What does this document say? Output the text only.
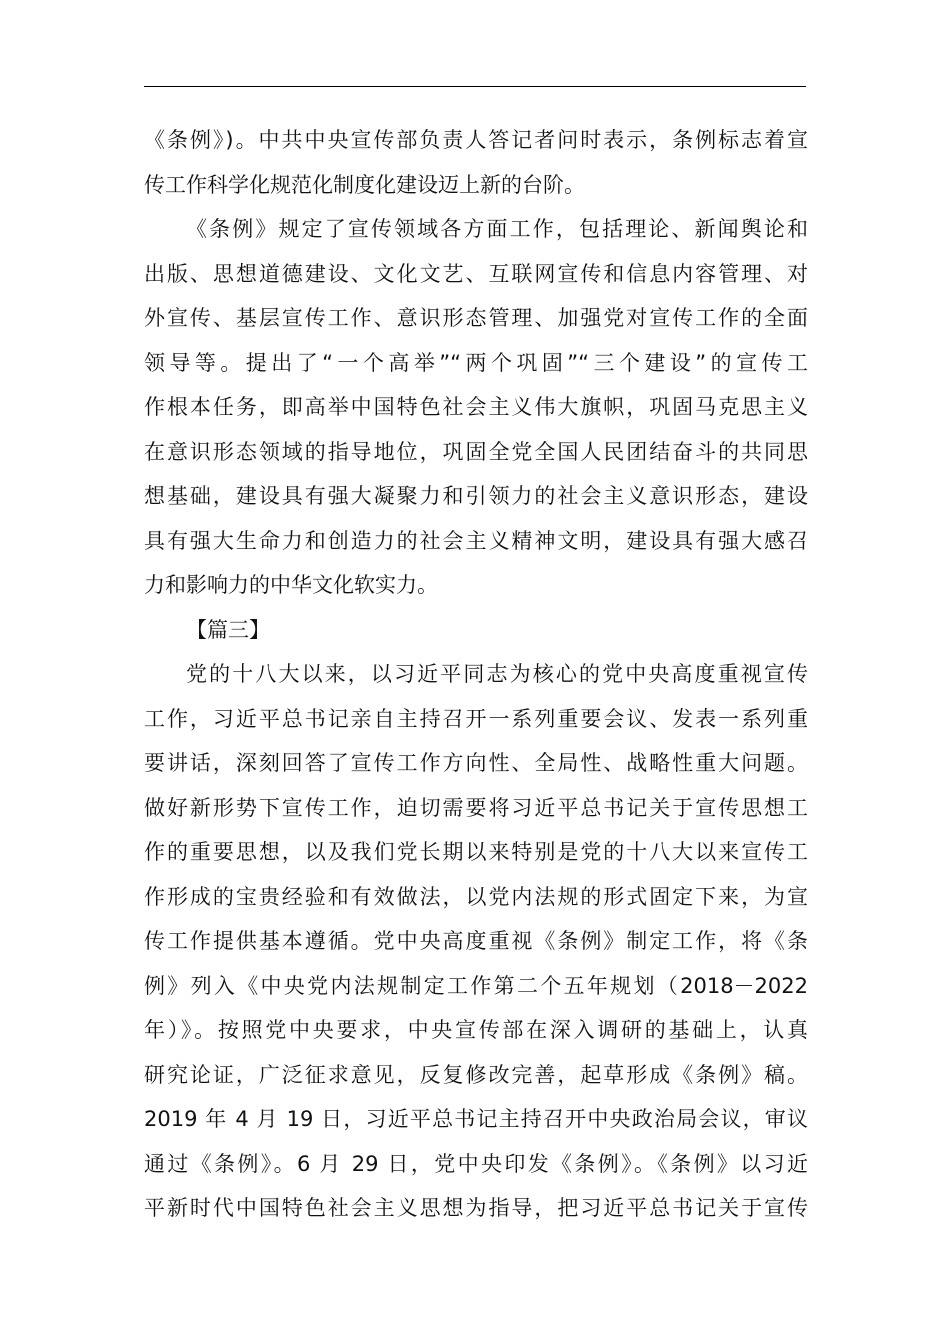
《条例》)。中共中央宣传部负责人答记者问时表示，条例标志着宣
传工作科学化规范化制度化建设迈上新的台阶。
《条例》规定了宣传领域各方面工作，包括理论、新闻舆论和
出版、思想道德建设、文化文艺、互联网宣传和信息内容管理、对
外宣传、基层宣传工作、意识形态管理、加强党对宣传工作的全面
领导等。提出了“一个高举”“两个巩固”“三个建设”的宣传工
作根本任务，即高举中国特色社会主义伟大旗帜，巩固马克思主义
在意识形态领域的指导地位，巩固全党全国人民团结奋斗的共同思
想基础，建设具有强大凝聚力和引领力的社会主义意识形态，建设
具有强大生命力和创造力的社会主义精神文明，建设具有强大感召
力和影响力的中华文化软实力。
【篇三】
党的十八大以来，以习近平同志为核心的党中央高度重视宣传
工作，习近平总书记亲自主持召开一系列重要会议、发表一系列重
要讲话，深刻回答了宣传工作方向性、全局性、战略性重大问题。
做好新形势下宣传工作，迫切需要将习近平总书记关于宣传思想工
作的重要思想，以及我们党长期以来特别是党的十八大以来宣传工
作形成的宝贵经验和有效做法，以党内法规的形式固定下来，为宣
传工作提供基本遵循。党中央高度重视《条例》制定工作，将《条
例》列入《中央党内法规制定工作第二个五年规划（2018－2022
年）》。按照党中央要求，中央宣传部在深入调研的基础上，认真
研究论证，广泛征求意见，反复修改完善，起草形成《条例》稿。
2019 年 4 月 19 日，习近平总书记主持召开中央政治局会议，审议
通过《条例》。6 月 29 日，党中央印发《条例》。《条例》以习近
平新时代中国特色社会主义思想为指导，把习近平总书记关于宣传
